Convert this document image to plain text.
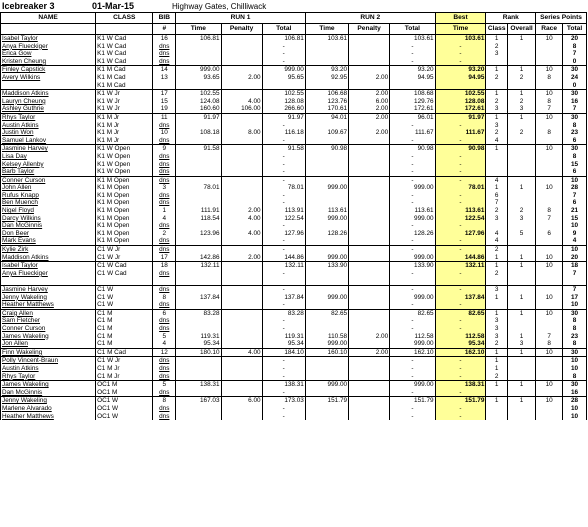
Icebreaker 3	01-Mar-15	Highway Gates, Chilliwack
NAME	CLASS	BIB	RUN 1			RUN 2			Best	Rank		Series Points	
		#	Time	Penalty	Total	Time	Penalty	Total	Time	Class	Overall	Race	Total
Isabel Taylor	K1 W Cad	16	106.81		106.81	103.61		103.61	103.61	1	1	10	20
Anya Flueckiger	K1 W Cad	dns			-			-	-	2			8
Erica Gow	K1 W Cad	dns			-			-	-	3			7
Kristen Cheung	K1 W Cad	dns			-			-	-				0
Finley Capstick	K1 M Cad	14	999.00		999.00	93.20		93.20	93.20	1	1	10	30
Avery Wilkins	K1 M Cad	13	93.65	2.00	95.65	92.95	2.00	94.95	94.95	2	2	8	24
	K1 M Cad												0
Maddison Atkins	K1 W Jr	17	102.55		102.55	106.68	2.00	108.68	102.55	1	1	10	30
Lauryn Cheung	K1 W Jr	15	124.08	4.00	128.08	123.76	6.00	129.76	128.08	2	2	8	16
Ashley Guthrie	K1 W Jr	19	160.60	106.00	266.60	170.61	2.00	172.61	172.61	3	3	7	7
Rhys Taylor	K1 M Jr	11	91.97		91.97	94.01	2.00	96.01	91.97	1	1	10	30
Austin Atkins	K1 M Jr	dns			-			-	-	3			8
Justin Won	K1 M Jr	10	108.18	8.00	116.18	109.67	2.00	111.67	111.67	2	2	8	23
Samuel Lankov	K1 M Jr	dns			-			-	-	4			6
Jasmine Harvey	K1 W Open	9	91.58		91.58	90.98		90.98	90.98	1		10	30
Lisa Day	K1 W Open	dns			-			-	-				8
Kelsey Allenby	K1 W Open	dns			-			-	-				15
Barb Taylor	K1 W Open	dns			-			-	-				6
Conner Curson	K1 M Open	dns			-			-	-	4			10
John Allen	K1 M Open	3	78.01		78.01	999.00		999.00	78.01	1	1	10	28
Rufus Knapp	K1 M Open	dns			-			-	-	6			7
Ben Muench	K1 M Open	dns			-			-	-	7			6
Nigel Floyd	K1 M Open	1	111.91	2.00	113.91	113.61		113.61	113.61	2	2	8	21
Darcy Wilkins	K1 M Open	4	118.54	4.00	122.54	999.00		999.00	122.54	3	3	7	15
Dan McGinnis	K1 M Open	dns			-			-	-				10
Don Beer	K1 M Open	2	123.96	4.00	127.96	128.26		128.26	127.96	4	5	6	9
Mark Evans	K1 M Open	dns			-			-	-	4			4
Kylie Zirk	C1 W Jr	dns			-			-	-	2			10
Maddison Atkins	C1 W Jr	17	142.86	2.00	144.86	999.00		999.00	144.86	1	1	10	20
Isabel Taylor	C1 W Cad	18	132.11		132.11	133.90		133.90	132.11	1	1	10	18
Anya Flueckiger	C1 W Cad	dns			-			-	-	2			7

Jasmine Harvey	C1 W	dns			-			-	-	3			7
Jenny Wakeling	C1 W	8	137.84		137.84	999.00		999.00	137.84	1	1	10	17
Heather Matthews	C1 W	dns			-			-	-				10
Craig Allen	C1 M	6	83.28		83.28	82.65		82.65	82.65	1	1	10	30
Sam Fletcher	C1 M	dns			-			-	-	3			8
Conner Curson	C1 M	dns			-			-	-	3			8
James Wakeling	C1 M	5	119.31		119.31	110.58	2.00	112.58	112.58	3	1	7	23
Jon Allen	C1 M	4	95.34		95.34	999.00		999.00	95.34	2	3	8	8
Finn Wakeling	C1 M Cad	12	180.10	4.00	184.10	160.10	2.00	162.10	162.10	1	1	10	30
Polly Vincent-Braun	C1 W Jr	dns			-			-	-	1			10
Austin Atkins	C1 M Jr	dns			-			-	-	1			10
Rhys Taylor	C1 M Jr	dns			-			-	-	2			8
James Wakeling	OC1 M	5	138.31		138.31	999.00		999.00	138.31	1	1	10	30
Dan McGinnis	OC1 M	dns			-			-	-				16
Jenny Wakeling	OC1 W	8	167.03	6.00	173.03	151.79		151.79	151.79	1	1	10	28
Marlene Alvarado	OC1 W	dns			-			-	-				10
Heather Matthews	OC1 W	dns			-			-	-				10
